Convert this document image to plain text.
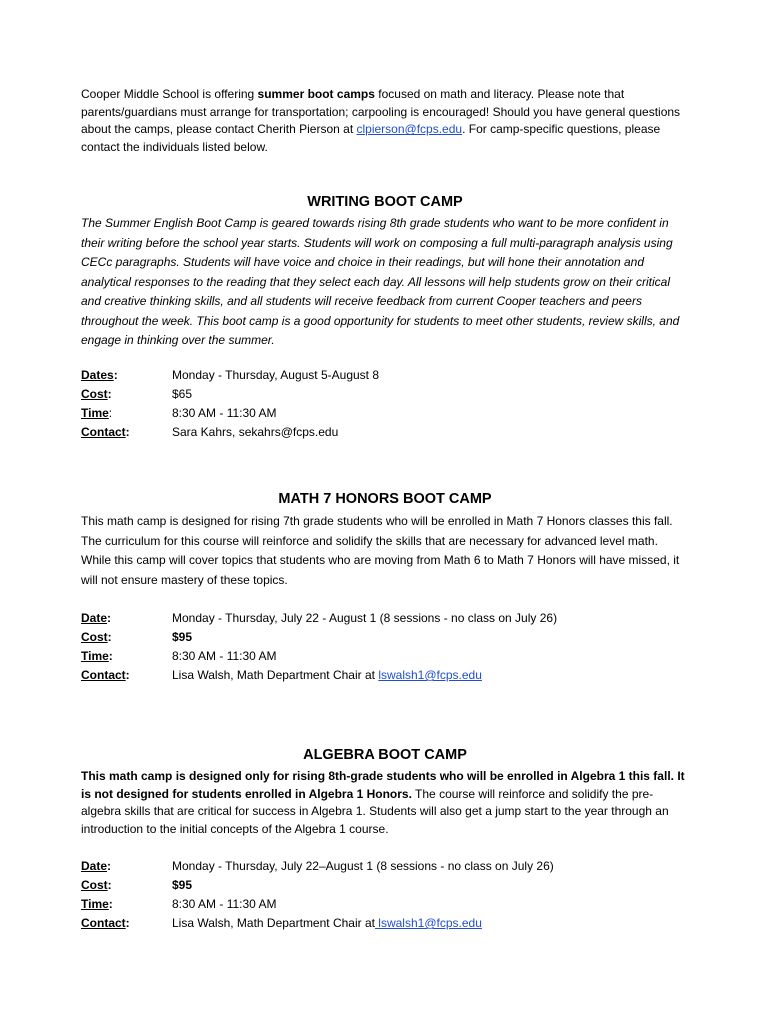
Cooper Middle School is offering summer boot camps focused on math and literacy. Please note that parents/guardians must arrange for transportation; carpooling is encouraged! Should you have general questions about the camps, please contact Cherith Pierson at clpierson@fcps.edu. For camp-specific questions, please contact the individuals listed below.

WRITING BOOT CAMP

The Summer English Boot Camp is geared towards rising 8th grade students who want to be more confident in their writing before the school year starts. Students will work on composing a full multi-paragraph analysis using CECc paragraphs. Students will have voice and choice in their readings, but will hone their annotation and analytical responses to the reading that they select each day. All lessons will help students grow on their critical and creative thinking skills, and all students will receive feedback from current Cooper teachers and peers throughout the week. This boot camp is a good opportunity for students to meet other students, review skills, and engage in thinking over the summer.

Dates:	Monday - Thursday, August 5-August 8
Cost:	$65
Time:	8:30 AM - 11:30 AM
Contact:	Sara Kahrs, sekahrs@fcps.edu
MATH 7 HONORS BOOT CAMP

This math camp is designed for rising 7th grade students who will be enrolled in Math 7 Honors classes this fall. The curriculum for this course will reinforce and solidify the skills that are necessary for advanced level math. While this camp will cover topics that students who are moving from Math 6 to Math 7 Honors will have missed, it will not ensure mastery of these topics.

Date:	Monday - Thursday, July 22 - August 1 (8 sessions - no class on July 26)
Cost:	$95
Time:	8:30 AM - 11:30 AM
Contact:	Lisa Walsh, Math Department Chair at lswalsh1@fcps.edu
ALGEBRA BOOT CAMP

This math camp is designed only for rising 8th-grade students who will be enrolled in Algebra 1 this fall. It is not designed for students enrolled in Algebra 1 Honors. The course will reinforce and solidify the pre-algebra skills that are critical for success in Algebra 1. Students will also get a jump start to the year through an introduction to the initial concepts of the Algebra 1 course.

Date:	Monday - Thursday, July 22–August 1 (8 sessions - no class on July 26)
Cost:	$95
Time:	8:30 AM - 11:30 AM
Contact:	Lisa Walsh, Math Department Chair at lswalsh1@fcps.edu
